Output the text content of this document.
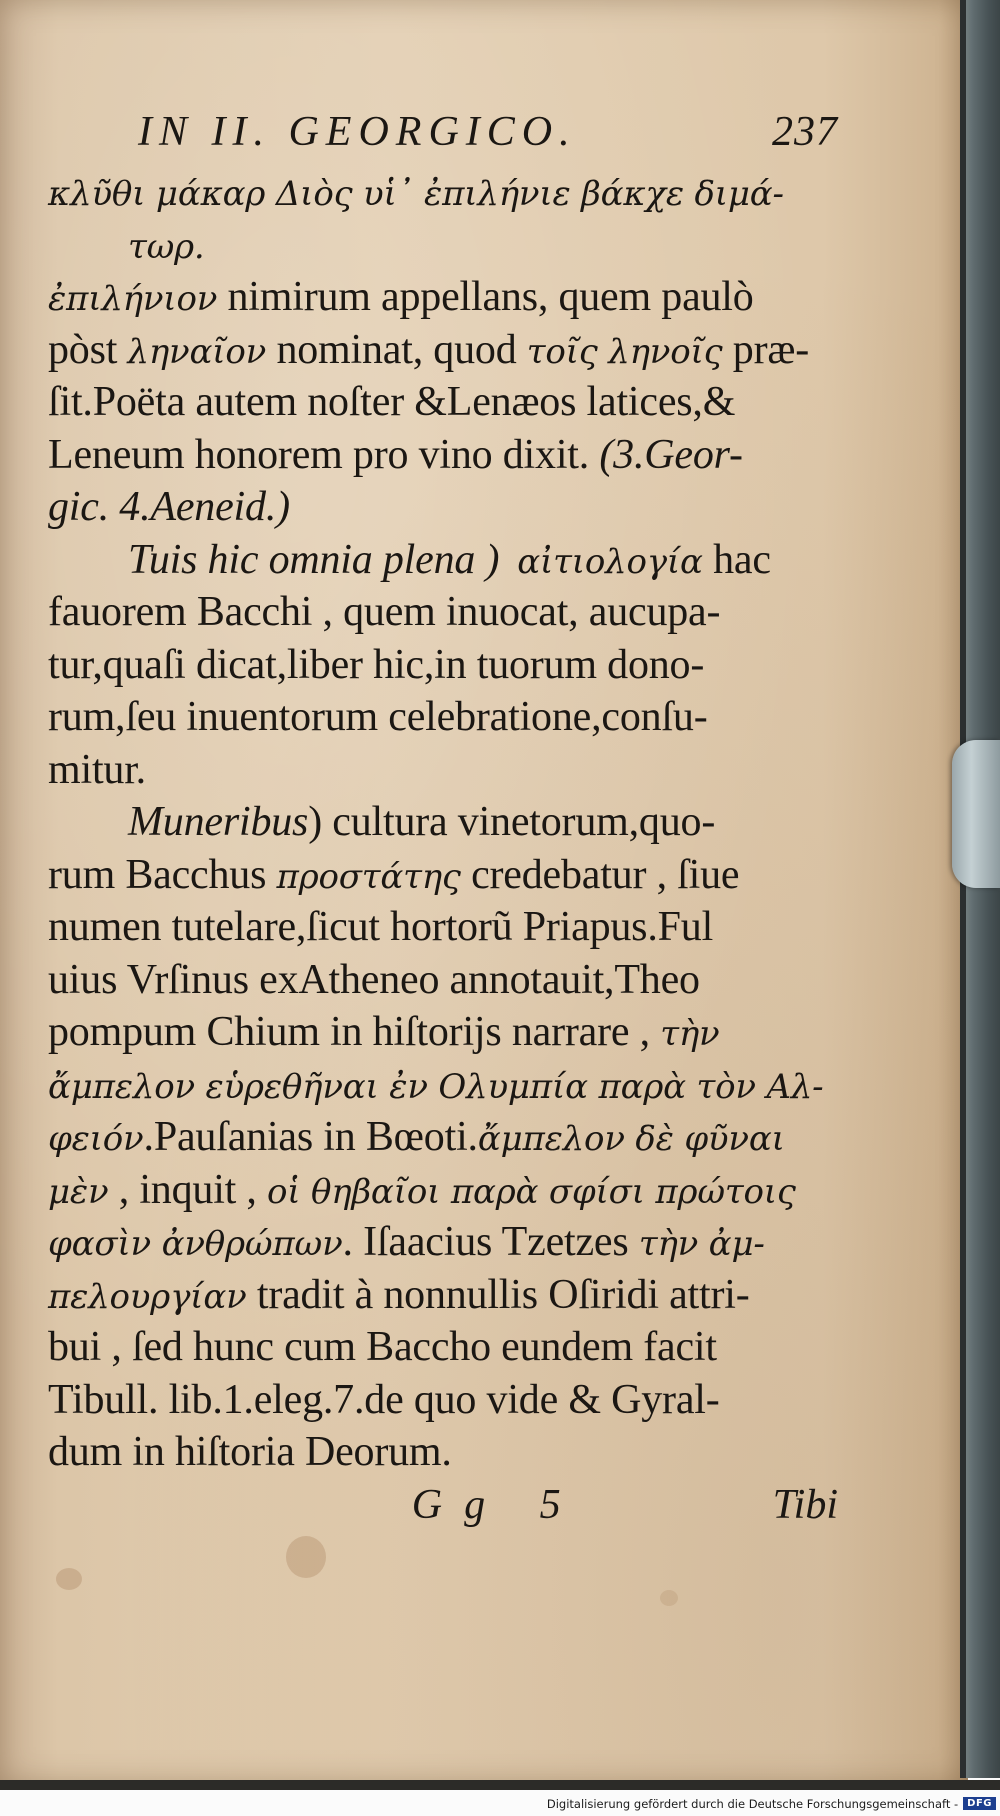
IN II. GEORGICO.	237
κλῦθι μάκαρ Διὸς υἱ᾽ ἐπιλήνιε βάκχε διμά-
τωρ.
ἐπιλήνιον nimirum appellans, quem paulò
pòst ληναῖον nominat, quod τοῖς ληνοῖς præ-
ſit.Poëta autem noſter &Lenæos latices,&
Leneum honorem pro vino dixit. (3.Geor-
gic. 4.Aeneid.)
Tuis hic omnia plena ) αἰτιολογία hac
fauorem Bacchi , quem inuocat, aucupa-
tur,quaſi dicat,liber hic,in tuorum dono-
rum,ſeu inuentorum celebratione,conſu-
mitur.
Muneribus) cultura vinetorum,quo-
rum Bacchus προστάτης credebatur , ſiue
numen tutelare,ſicut hortorũ Priapus.Ful
uius Vrſinus exAtheneo annotauit,Theo
pompum Chium in hiſtorijs narrare , τὴν
ἄμπελον εὑρεθῆναι ἐν Ολυμπία παρὰ τὸν Αλ-
φειόν.Pauſanias in Bœoti.ἄμπελον δὲ φῦναι
μὲν , inquit , οἱ θηβαῖοι παρὰ σφίσι πρώτοις
φασὶν ἀνθρώπων. Iſaacius Tzetzes τὴν ἀμ-
πελουργίαν tradit à nonnullis Oſiridi attri-
bui , ſed hunc cum Baccho eundem facit
Tibull. lib.1.eleg.7.de quo vide & Gyral-
dum in hiſtoria Deorum.
Gg 5	Tibi
Digitalisierung gefördert durch die Deutsche Forschungsgemeinschaft - DFG
